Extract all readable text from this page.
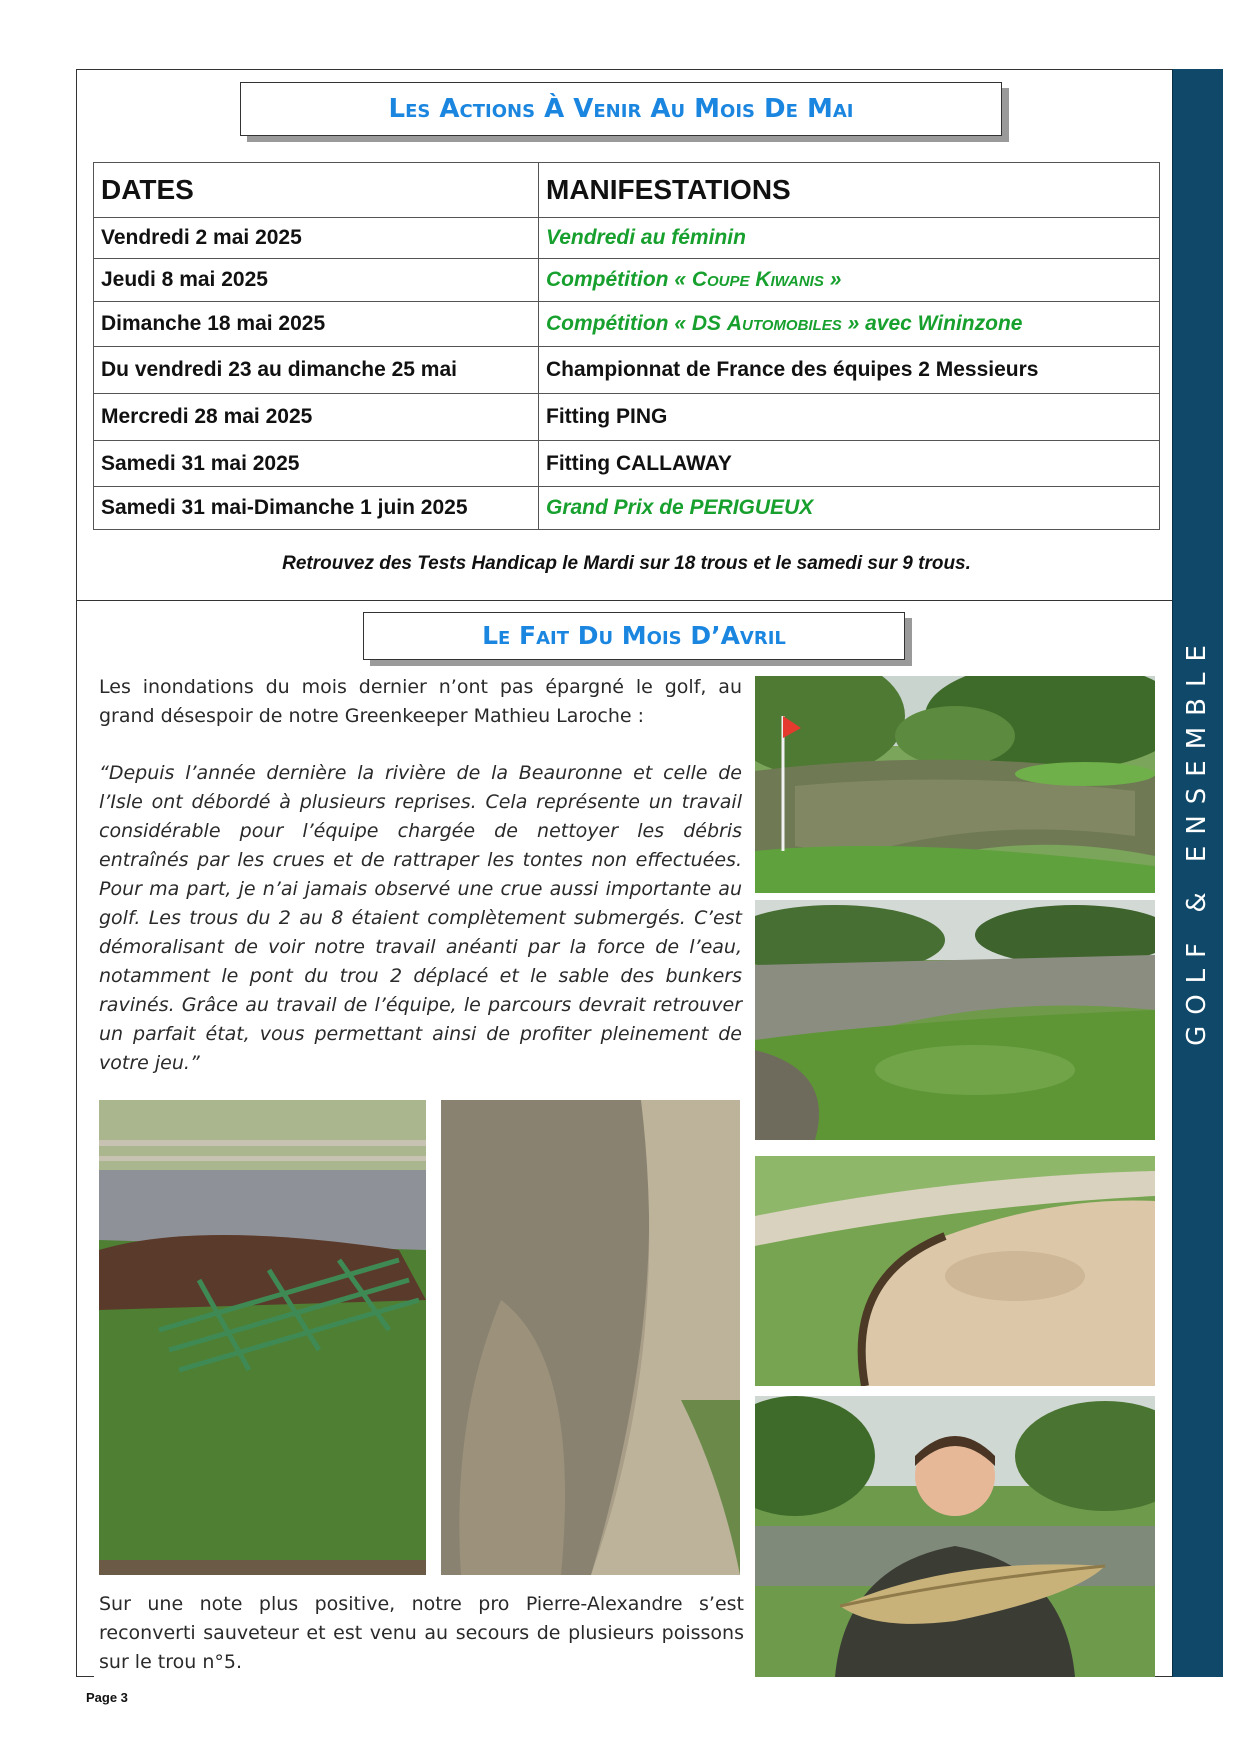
GOLF & ENSEMBLE
Les Actions À Venir Au Mois De Mai
DATES	MANIFESTATIONS
Vendredi 2 mai 2025	Vendredi au féminin
Jeudi 8 mai 2025	Compétition « Coupe Kiwanis »
Dimanche 18 mai 2025	Compétition « DS Automobiles » avec Wininzone
Du vendredi 23 au dimanche 25 mai	Championnat de France des équipes 2 Messieurs
Mercredi 28 mai 2025	Fitting PING
Samedi 31 mai 2025	Fitting CALLAWAY
Samedi 31 mai-Dimanche 1 juin 2025	Grand Prix de PERIGUEUX
Retrouvez des Tests Handicap le Mardi sur 18 trous et le samedi sur 9 trous.
Le Fait Du Mois D’Avril
Les inondations du mois dernier n’ont pas épargné le golf, au grand désespoir de notre Greenkeeper Mathieu Laroche :
“Depuis l’année dernière la rivière de la Beauronne et celle de l’Isle ont débordé à plusieurs reprises. Cela représente un travail considérable pour l’équipe chargée de nettoyer les débris entraînés par les crues et de rattraper les tontes non effectuées. Pour ma part, je n’ai jamais observé une crue aussi importante au golf. Les trous du 2 au 8 étaient complètement submergés. C’est démoralisant de voir notre travail anéanti par la force de l’eau, notamment le pont du trou 2 déplacé et le sable des bunkers ravinés. Grâce au travail de l’équipe, le parcours devrait retrouver un parfait état, vous permettant ainsi de profiter pleinement de votre jeu.”
Sur une note plus positive, notre pro Pierre-Alexandre s’est reconverti sauveteur et est venu au secours de plusieurs poissons sur le trou n°5.
Page 3
